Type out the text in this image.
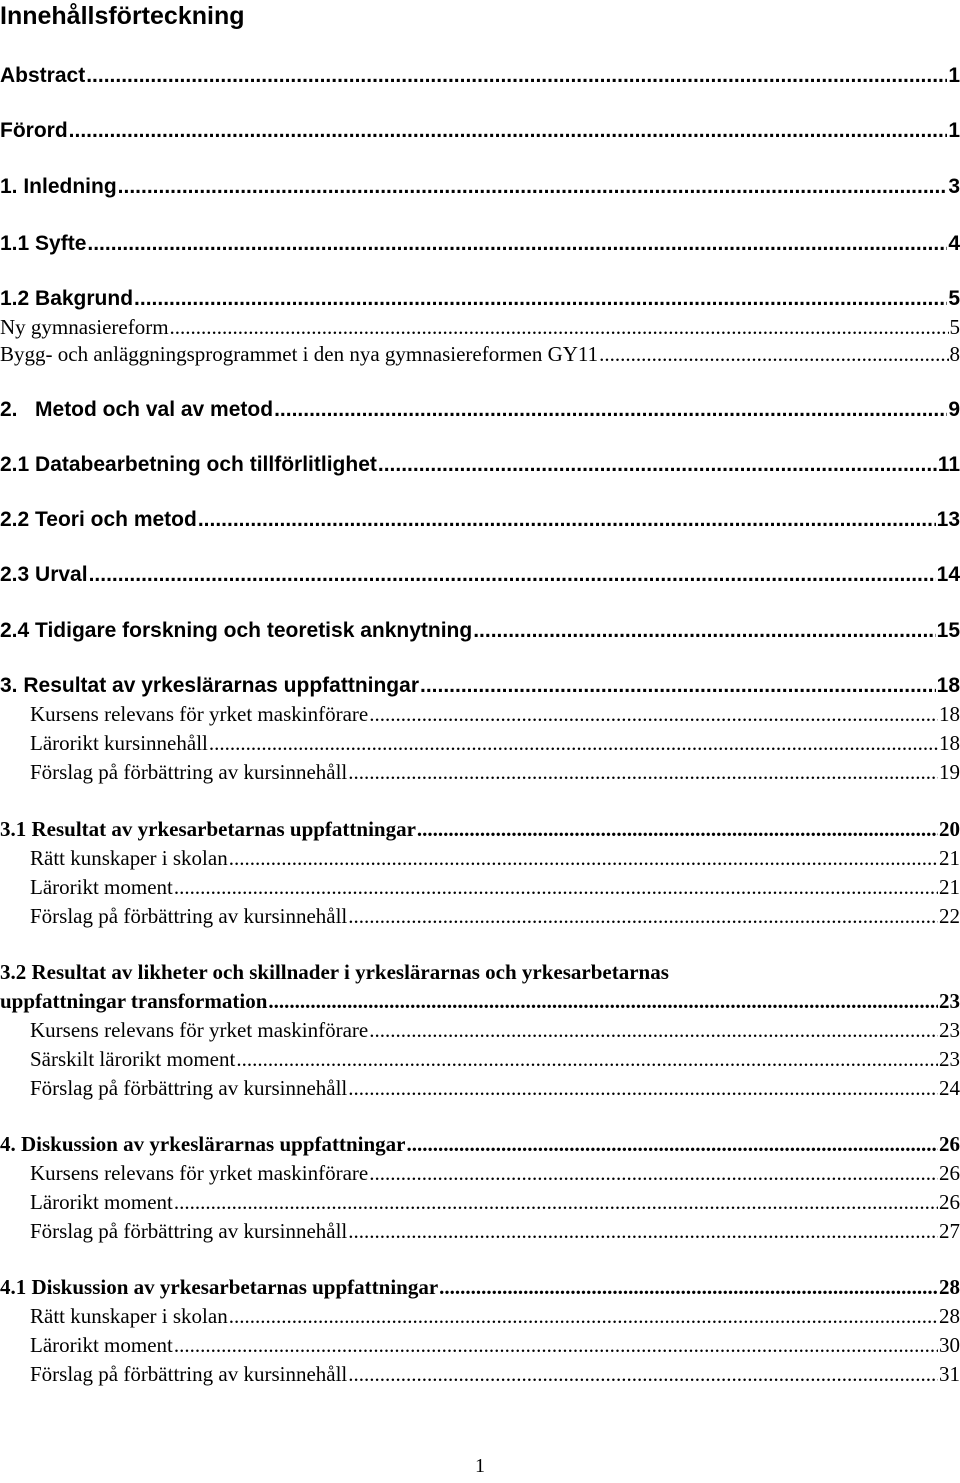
Innehållsförteckning
Abstract .....	1
Förord .....	1
1. Inledning .....	3
1.1 Syfte .....	4
1.2 Bakgrund .....	5
Ny gymnasiereform .....	5
Bygg- och anläggningsprogrammet i den nya gymnasiereformen GY11 .....	8
2.   Metod och val av metod .....	9
2.1 Databearbetning och tillförlitlighet .....	11
2.2 Teori och metod .....	13
2.3 Urval .....	14
2.4 Tidigare forskning och teoretisk anknytning .....	15
3. Resultat av yrkeslärarnas uppfattningar .....	18
Kursens relevans för yrket maskinförare .....	18
Lärorikt kursinnehåll .....	18
Förslag på förbättring av kursinnehåll .....	19
3.1 Resultat av yrkesarbetarnas uppfattningar .....	20
Rätt kunskaper i skolan .....	21
Lärorikt moment .....	21
Förslag på förbättring av kursinnehåll .....	22
3.2 Resultat av likheter och skillnader i yrkeslärarnas och yrkesarbetarnas
uppfattningar transformation .....	23
Kursens relevans för yrket maskinförare .....	23
Särskilt lärorikt moment .....	23
Förslag på förbättring av kursinnehåll .....	24
4. Diskussion av yrkeslärarnas uppfattningar .....	26
Kursens relevans för yrket maskinförare .....	26
Lärorikt moment .....	26
Förslag på förbättring av kursinnehåll .....	27
4.1 Diskussion av yrkesarbetarnas uppfattningar .....	28
Rätt kunskaper i skolan .....	28
Lärorikt moment .....	30
Förslag på förbättring av kursinnehåll .....	31
1
